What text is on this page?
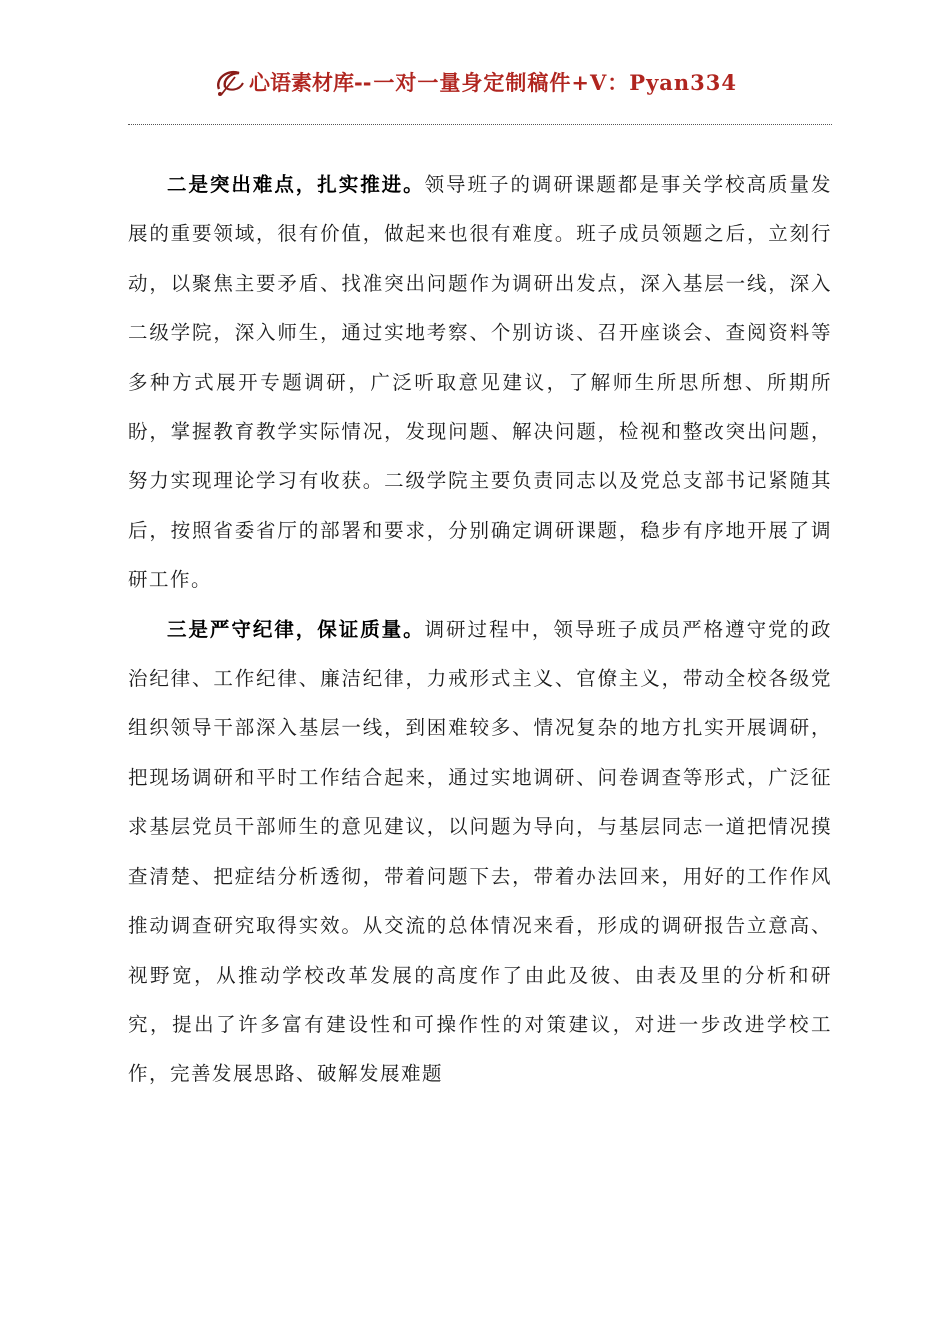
心语素材库-- 一对一量身定制稿件+V：Pyan334

二是突出难点，扎实推进。领导班子的调研课题都是事关学校高质量发展的重要领域，很有价值，做起来也很有难度。班子成员领题之后，立刻行动，以聚焦主要矛盾、找准突出问题作为调研出发点，深入基层一线，深入二级学院，深入师生，通过实地考察、个别访谈、召开座谈会、查阅资料等多种方式展开专题调研，广泛听取意见建议，了解师生所思所想、所期所盼，掌握教育教学实际情况，发现问题、解决问题，检视和整改突出问题，努力实现理论学习有收获。二级学院主要负责同志以及党总支部书记紧随其后，按照省委省厅的部署和要求，分别确定调研课题，稳步有序地开展了调研工作。

三是严守纪律，保证质量。调研过程中，领导班子成员严格遵守党的政治纪律、工作纪律、廉洁纪律，力戒形式主义、官僚主义，带动全校各级党组织领导干部深入基层一线，到困难较多、情况复杂的地方扎实开展调研，把现场调研和平时工作结合起来，通过实地调研、问卷调查等形式，广泛征求基层党员干部师生的意见建议，以问题为导向，与基层同志一道把情况摸查清楚、把症结分析透彻，带着问题下去，带着办法回来，用好的工作作风推动调查研究取得实效。从交流的总体情况来看，形成的调研报告立意高、视野宽，从推动学校改革发展的高度作了由此及彼、由表及里的分析和研究，提出了许多富有建设性和可操作性的对策建议，对进一步改进学校工作，完善发展思路、破解发展难题
